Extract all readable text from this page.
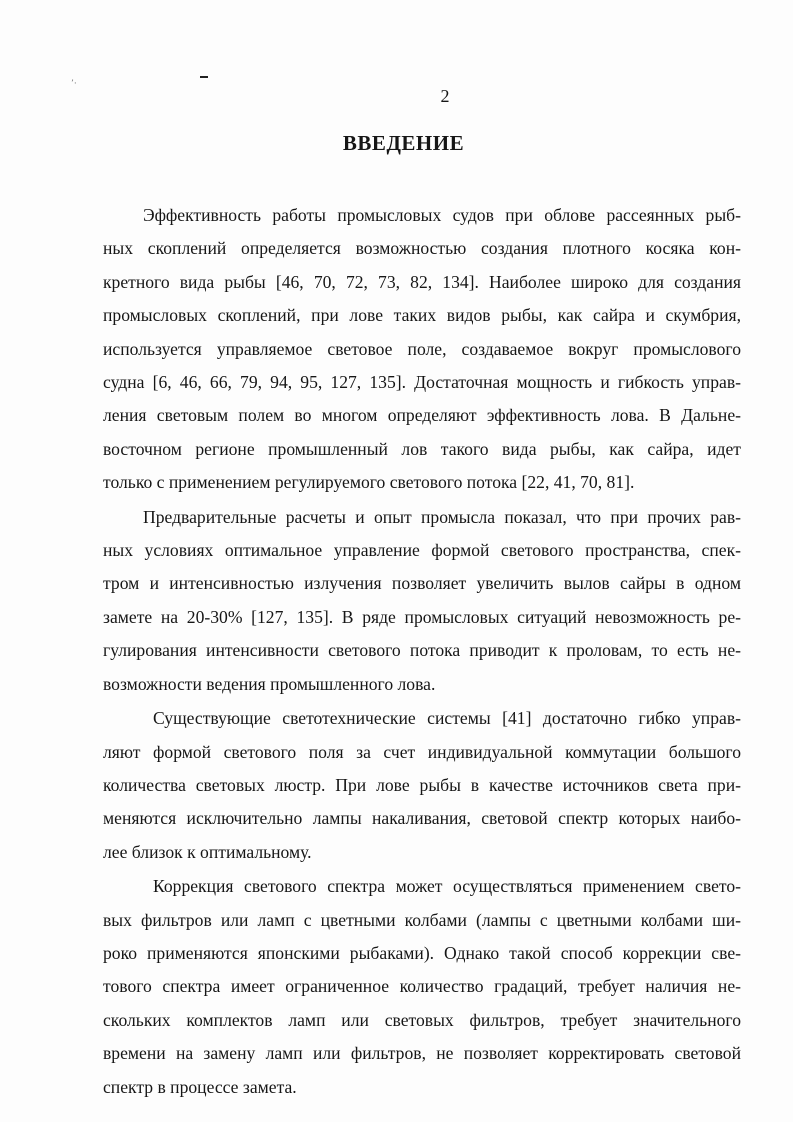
ʼ·
2
ВВЕДЕНИЕ

Эффективность работы промысловых судов при облове рассеянных рыб-
ных скоплений определяется возможностью создания плотного косяка кон-
кретного вида рыбы [46, 70, 72, 73, 82, 134]. Наиболее широко для создания
промысловых скоплений, при лове таких видов рыбы, как сайра и скумбрия,
используется управляемое световое поле, создаваемое вокруг промыслового
судна [6, 46, 66, 79, 94, 95, 127, 135]. Достаточная мощность и гибкость управ-
ления световым полем во многом определяют эффективность лова. В Дальне-
восточном регионе промышленный лов такого вида рыбы, как сайра, идет
только с применением регулируемого светового потока [22, 41, 70, 81].

Предварительные расчеты и опыт промысла показал, что при прочих рав-
ных условиях оптимальное управление формой светового пространства, спек-
тром и интенсивностью излучения позволяет увеличить вылов сайры в одном
замете на 20-30% [127, 135]. В ряде промысловых ситуаций невозможность ре-
гулирования интенсивности светового потока приводит к проловам, то есть не-
возможности ведения промышленного лова.

Существующие светотехнические системы [41] достаточно гибко управ-
ляют формой светового поля за счет индивидуальной коммутации большого
количества световых люстр. При лове рыбы в качестве источников света при-
меняются исключительно лампы накаливания, световой спектр которых наибо-
лее близок к оптимальному.

Коррекция светового спектра может осуществляться применением свето-
вых фильтров или ламп с цветными колбами (лампы с цветными колбами ши-
роко применяются японскими рыбаками). Однако такой способ коррекции све-
тового спектра имеет ограниченное количество градаций, требует наличия не-
скольких комплектов ламп или световых фильтров, требует значительного
времени на замену ламп или фильтров, не позволяет корректировать световой
спектр в процессе замета.
